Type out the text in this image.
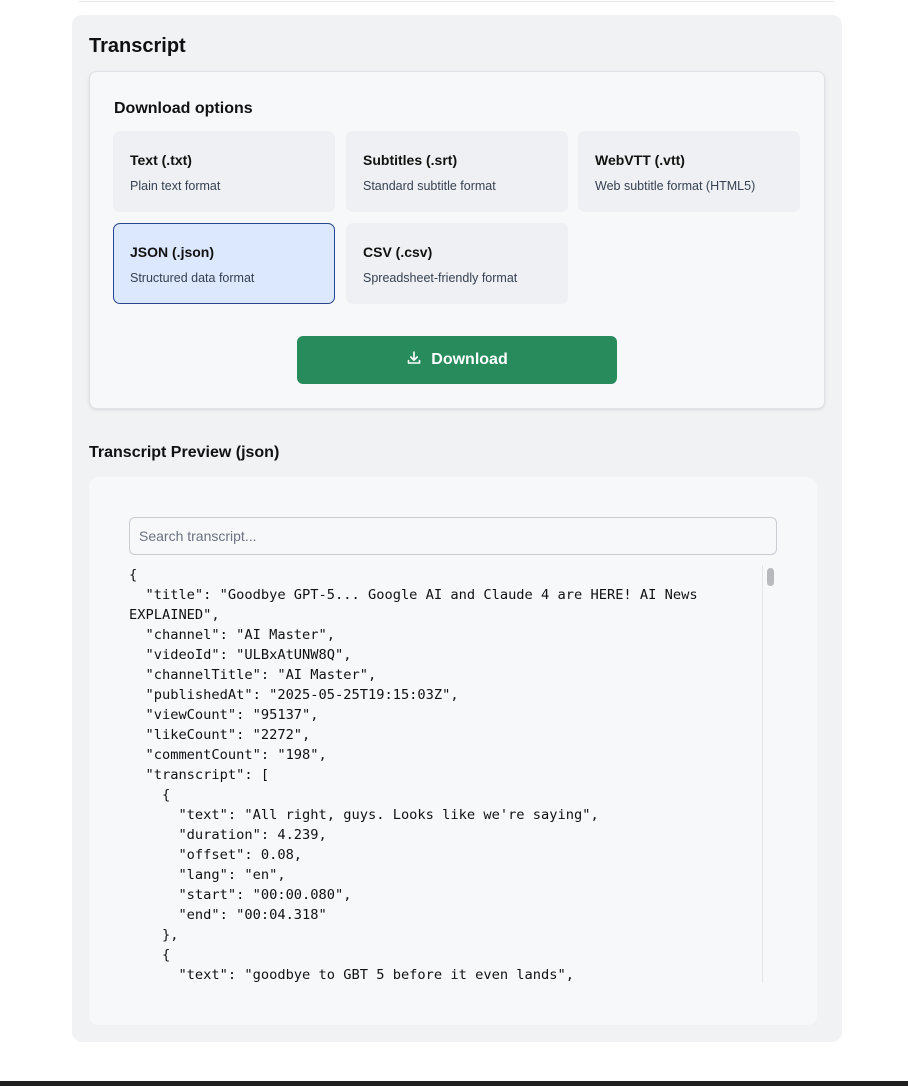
Transcript
Download options
Text (.txt)
Plain text format
Subtitles (.srt)
Standard subtitle format
WebVTT (.vtt)
Web subtitle format (HTML5)
JSON (.json)
Structured data format
CSV (.csv)
Spreadsheet-friendly format
Download
Transcript Preview (json)
Search transcript...
{
"title": "Goodbye GPT-5... Google AI and Claude 4 are HERE! AI News
EXPLAINED",
"channel": "AI Master",
"videoId": "ULBxAtUNW8Q",
"channelTitle": "AI Master",
"publishedAt": "2025-05-25T19:15:03Z",
"viewCount": "95137",
"likeCount": "2272",
"commentCount": "198",
"transcript": [
{
"text": "All right, guys. Looks like we're saying",
"duration": 4.239,
"offset": 0.08,
"lang": "en",
"start": "00:00.080",
"end": "00:04.318"
},
{
"text": "goodbye to GBT 5 before it even lands",
